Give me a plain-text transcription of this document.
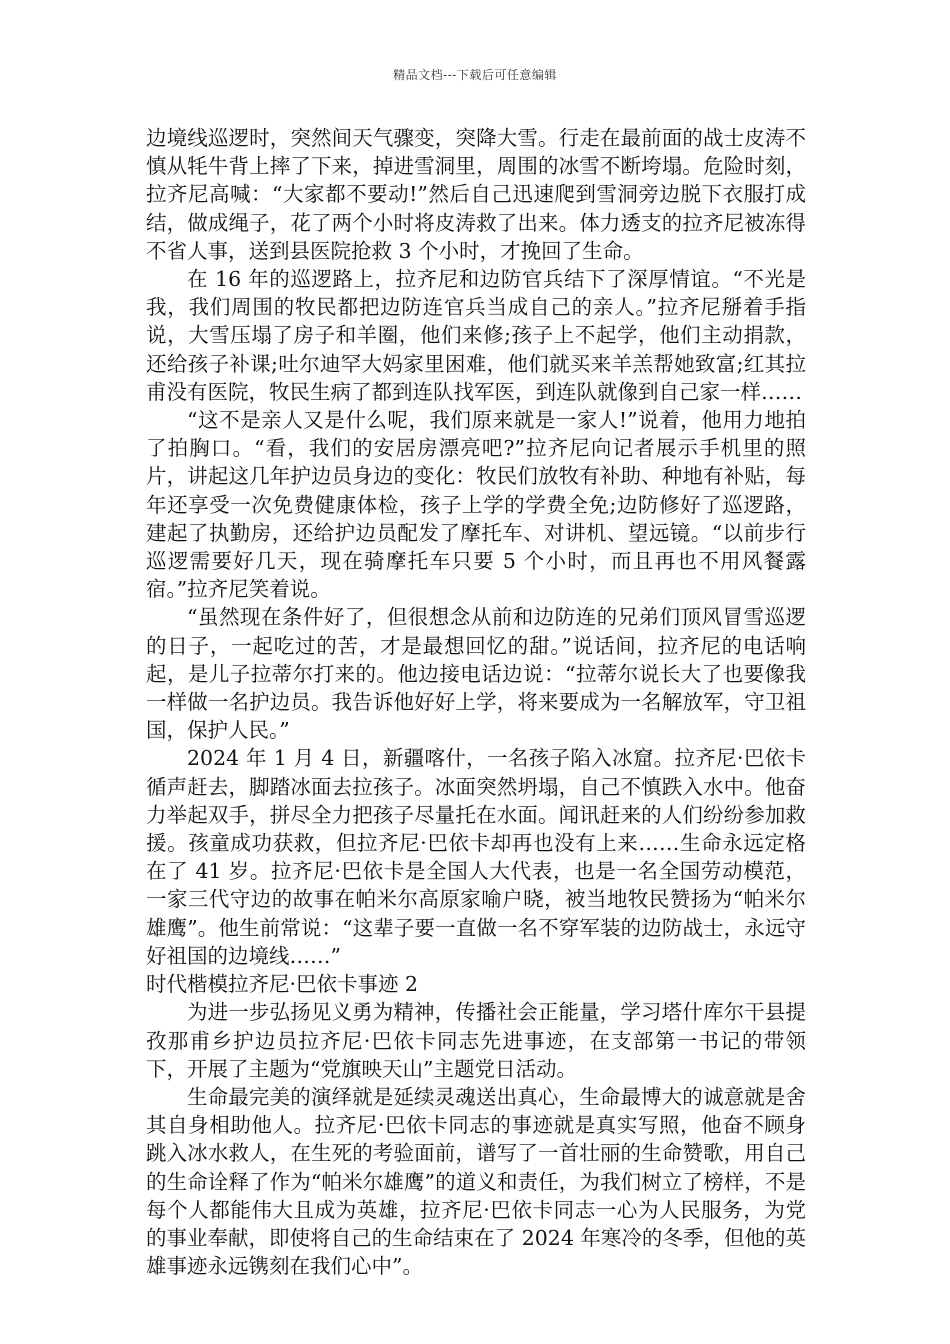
精品文档---下载后可任意编辑

边境线巡逻时，突然间天气骤变，突降大雪。行走在最前面的战士皮涛不慎从牦牛背上摔了下来，掉进雪洞里，周围的冰雪不断垮塌。危险时刻，拉齐尼高喊：“大家都不要动!”然后自己迅速爬到雪洞旁边脱下衣服打成结，做成绳子，花了两个小时将皮涛救了出来。体力透支的拉齐尼被冻得不省人事，送到县医院抢救 3 个小时，才挽回了生命。

在 16 年的巡逻路上，拉齐尼和边防官兵结下了深厚情谊。“不光是我，我们周围的牧民都把边防连官兵当成自己的亲人。”拉齐尼掰着手指说，大雪压塌了房子和羊圈，他们来修;孩子上不起学，他们主动捐款，还给孩子补课;吐尔迪罕大妈家里困难，他们就买来羊羔帮她致富;红其拉甫没有医院，牧民生病了都到连队找军医，到连队就像到自己家一样……

“这不是亲人又是什么呢，我们原来就是一家人!”说着，他用力地拍了拍胸口。“看，我们的安居房漂亮吧?”拉齐尼向记者展示手机里的照片，讲起这几年护边员身边的变化：牧民们放牧有补助、种地有补贴，每年还享受一次免费健康体检，孩子上学的学费全免;边防修好了巡逻路，建起了执勤房，还给护边员配发了摩托车、对讲机、望远镜。“以前步行巡逻需要好几天，现在骑摩托车只要 5 个小时，而且再也不用风餐露宿。”拉齐尼笑着说。

“虽然现在条件好了，但很想念从前和边防连的兄弟们顶风冒雪巡逻的日子，一起吃过的苦，才是最想回忆的甜。”说话间，拉齐尼的电话响起，是儿子拉蒂尔打来的。他边接电话边说：“拉蒂尔说长大了也要像我一样做一名护边员。我告诉他好好上学，将来要成为一名解放军，守卫祖国，保护人民。”

2024 年 1 月 4 日，新疆喀什，一名孩子陷入冰窟。拉齐尼·巴依卡循声赶去，脚踏冰面去拉孩子。冰面突然坍塌，自己不慎跌入水中。他奋力举起双手，拼尽全力把孩子尽量托在水面。闻讯赶来的人们纷纷参加救援。孩童成功获救，但拉齐尼·巴依卡却再也没有上来……生命永远定格在了 41 岁。拉齐尼·巴依卡是全国人大代表，也是一名全国劳动模范，一家三代守边的故事在帕米尔高原家喻户晓，被当地牧民赞扬为“帕米尔雄鹰”。他生前常说：“这辈子要一直做一名不穿军装的边防战士，永远守好祖国的边境线……”

时代楷模拉齐尼·巴依卡事迹 2

为进一步弘扬见义勇为精神，传播社会正能量，学习塔什库尔干县提孜那甫乡护边员拉齐尼·巴依卡同志先进事迹，在支部第一书记的带领下，开展了主题为“党旗映天山”主题党日活动。

生命最完美的演绎就是延续灵魂送出真心，生命最博大的诚意就是舍其自身相助他人。拉齐尼·巴依卡同志的事迹就是真实写照，他奋不顾身跳入冰水救人，在生死的考验面前，谱写了一首壮丽的生命赞歌，用自己的生命诠释了作为“帕米尔雄鹰”的道义和责任，为我们树立了榜样，不是每个人都能伟大且成为英雄，拉齐尼·巴依卡同志一心为人民服务，为党的事业奉献，即使将自己的生命结束在了 2024 年寒冷的冬季，但他的英雄事迹永远镌刻在我们心中”。
